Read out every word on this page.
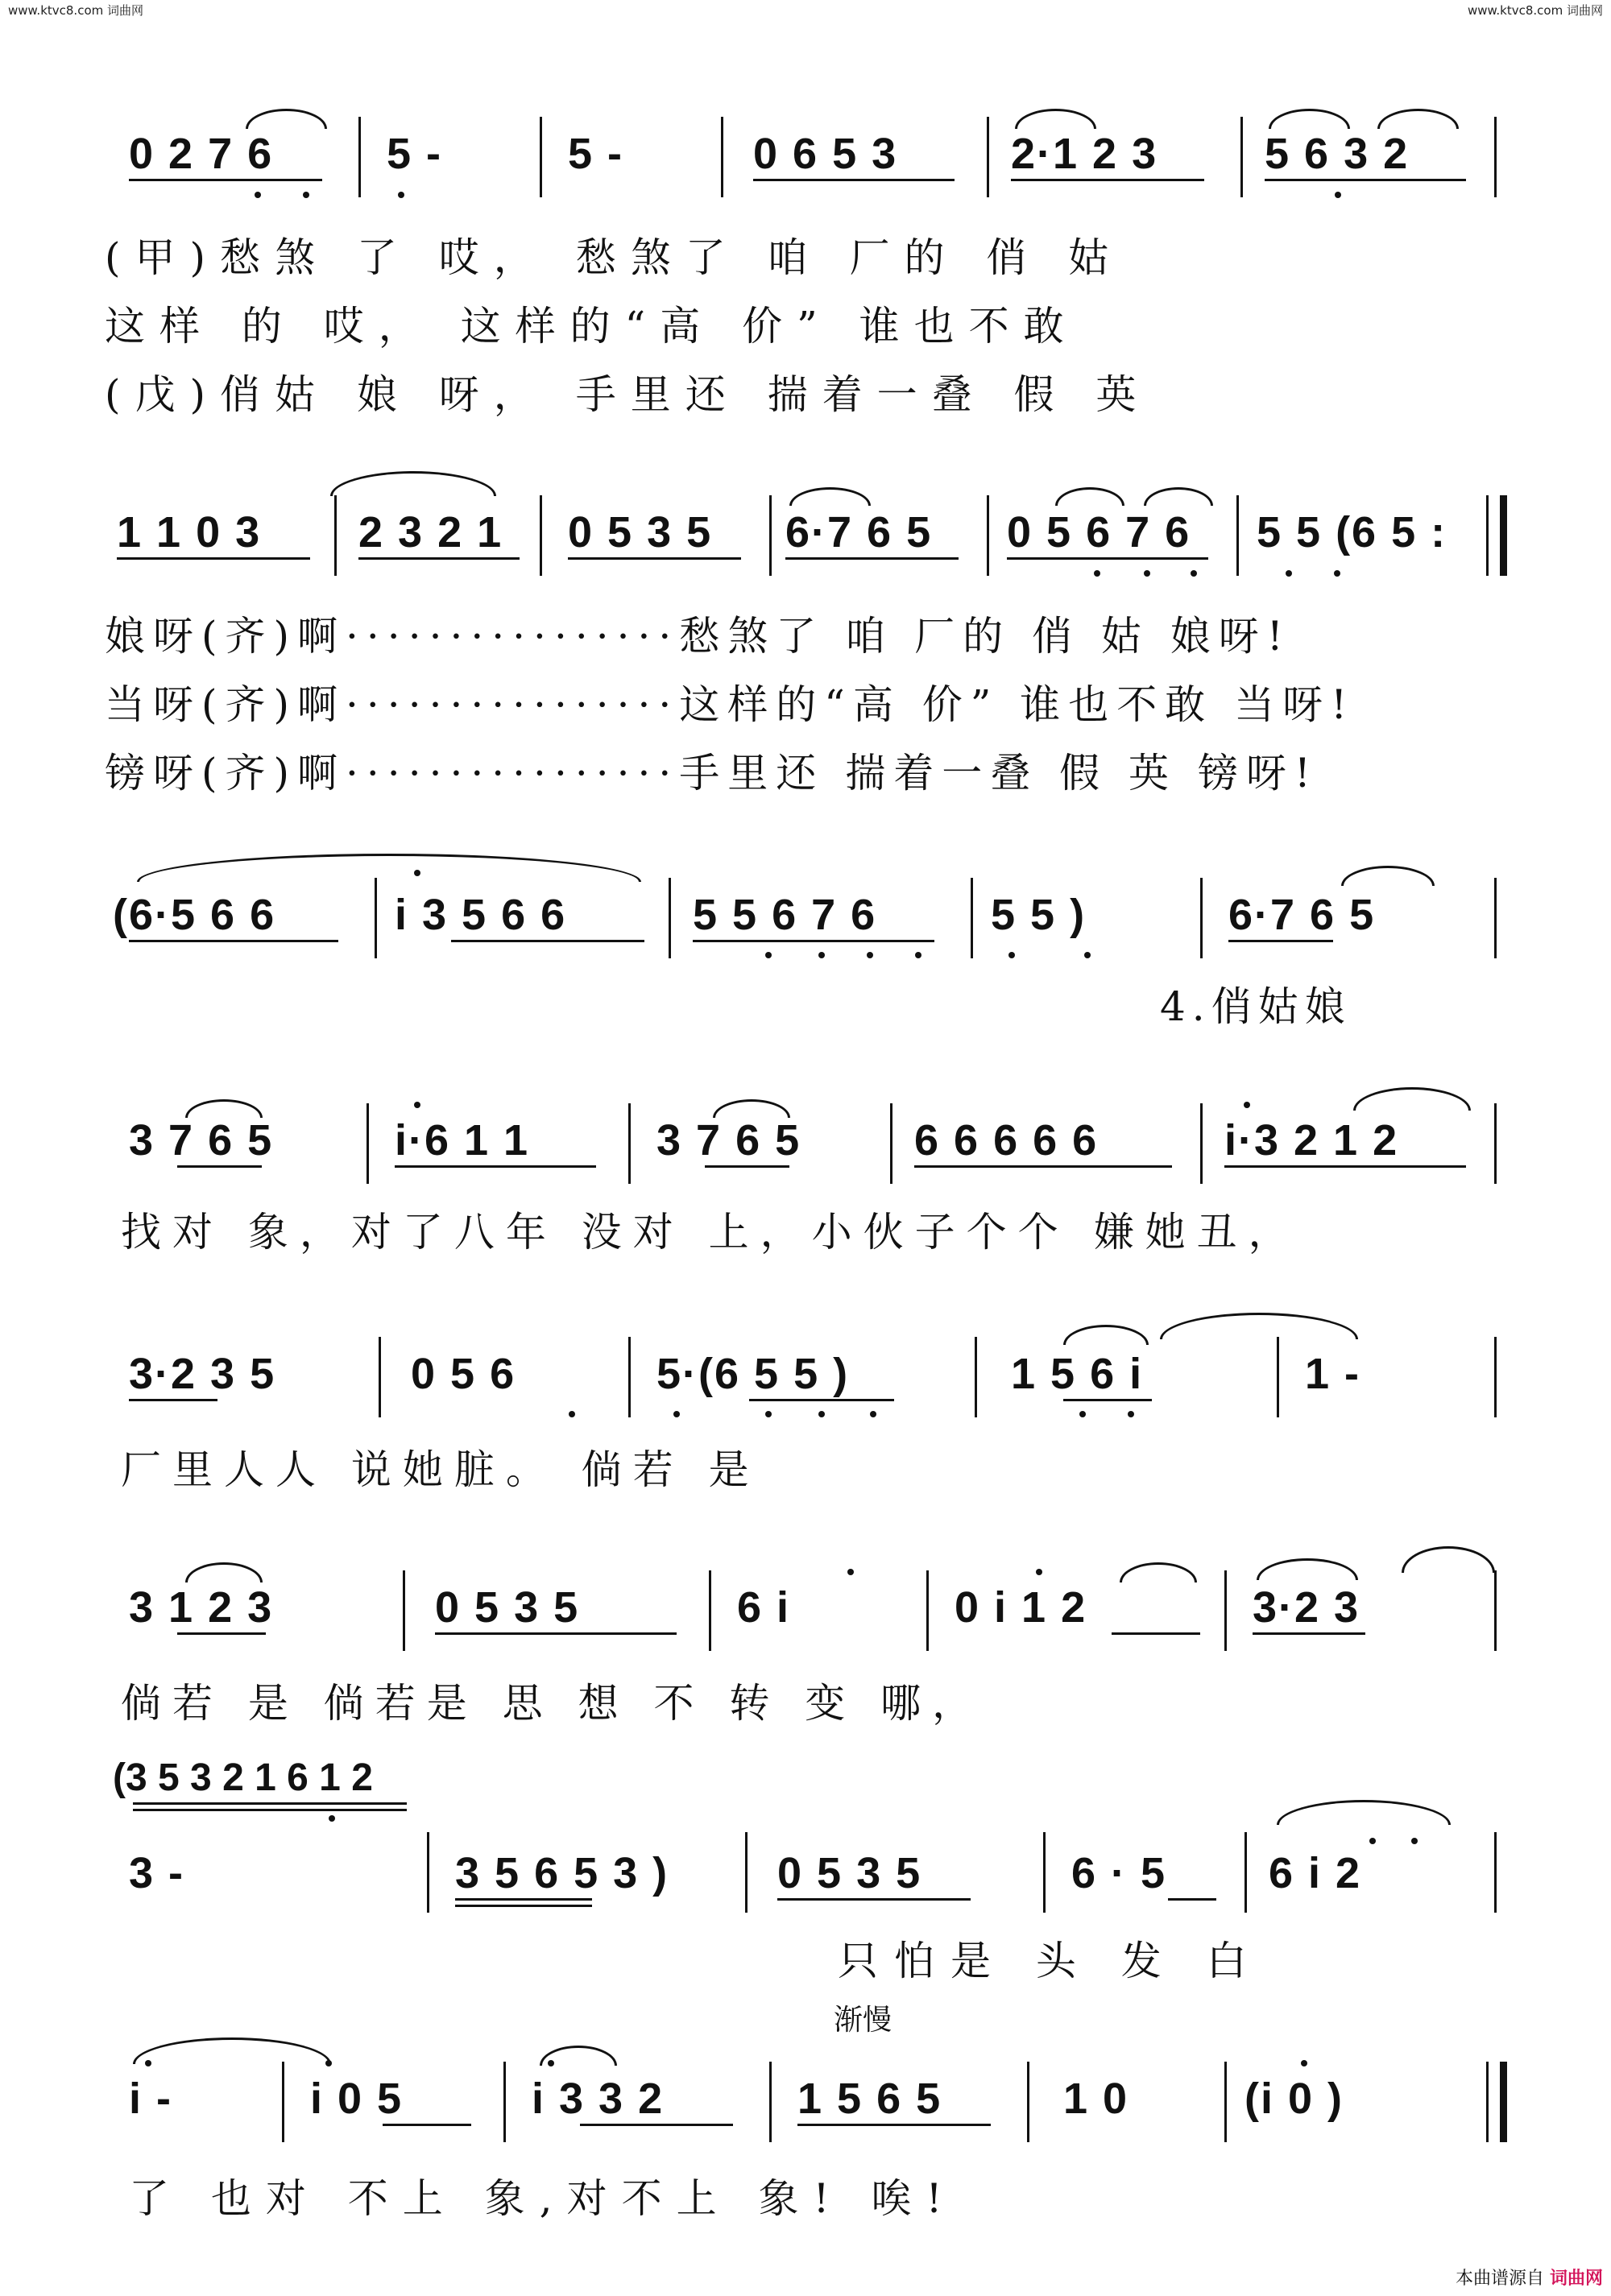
www.ktvc8.com 词曲网	www.ktvc8.com 词曲网
0 2 7 6	5 -	5 -	0 6 5 3	2·1 2 3 5 6 3 2
(甲)愁煞 了 哎， 愁煞了 咱 厂的 俏 姑
这样 的 哎， 这样的“高 价” 谁也不敢
(戊)俏姑 娘 呀， 手里还 揣着一叠 假 英
1 1 0 3 2 3 2 1 0 5 3 5 6·7 6 5 0 5 6 7 6 5 5 (6 5 :
娘呀(齐)啊················愁煞了 咱 厂的 俏 姑 娘呀!
当呀(齐)啊················这样的“高 价” 谁也不敢 当呀!
镑呀(齐)啊················手里还 揣着一叠 假 英 镑呀!
(6·5 6 6	i 3 5 6 6	5 5 6 7 6	5 5 )	6·7 6 5
4.俏姑娘
3 7 6 5	i·6 1 1	3 7 6 5	6 6 6 6 6	i·3 2 1 2
找对 象，对了八年 没对 上，小伙子个个 嫌她丑，
3·2 3 5	0 5 6	5·(6 5 5 )	1 5 6 i	1 -
厂里人人 说她脏。 倘若 是
3 1 2 3	0 5 3 5	6 i	0 i 1 2	3·2 3
倘若 是 倘若是 思 想 不 转 变 哪，
(3 5 3 2 1 6 1 2
3 -	3 5 6 5 3 ) 0 5 3 5	6 · 5 6 i 2
只怕是 头 发 白
渐慢
i -	i 0 5	i 3 3 2	1 5 6 5	1 0	(i 0 )
了 也对 不上 象,对不上 象! 唉!
本曲谱源自 词曲网
